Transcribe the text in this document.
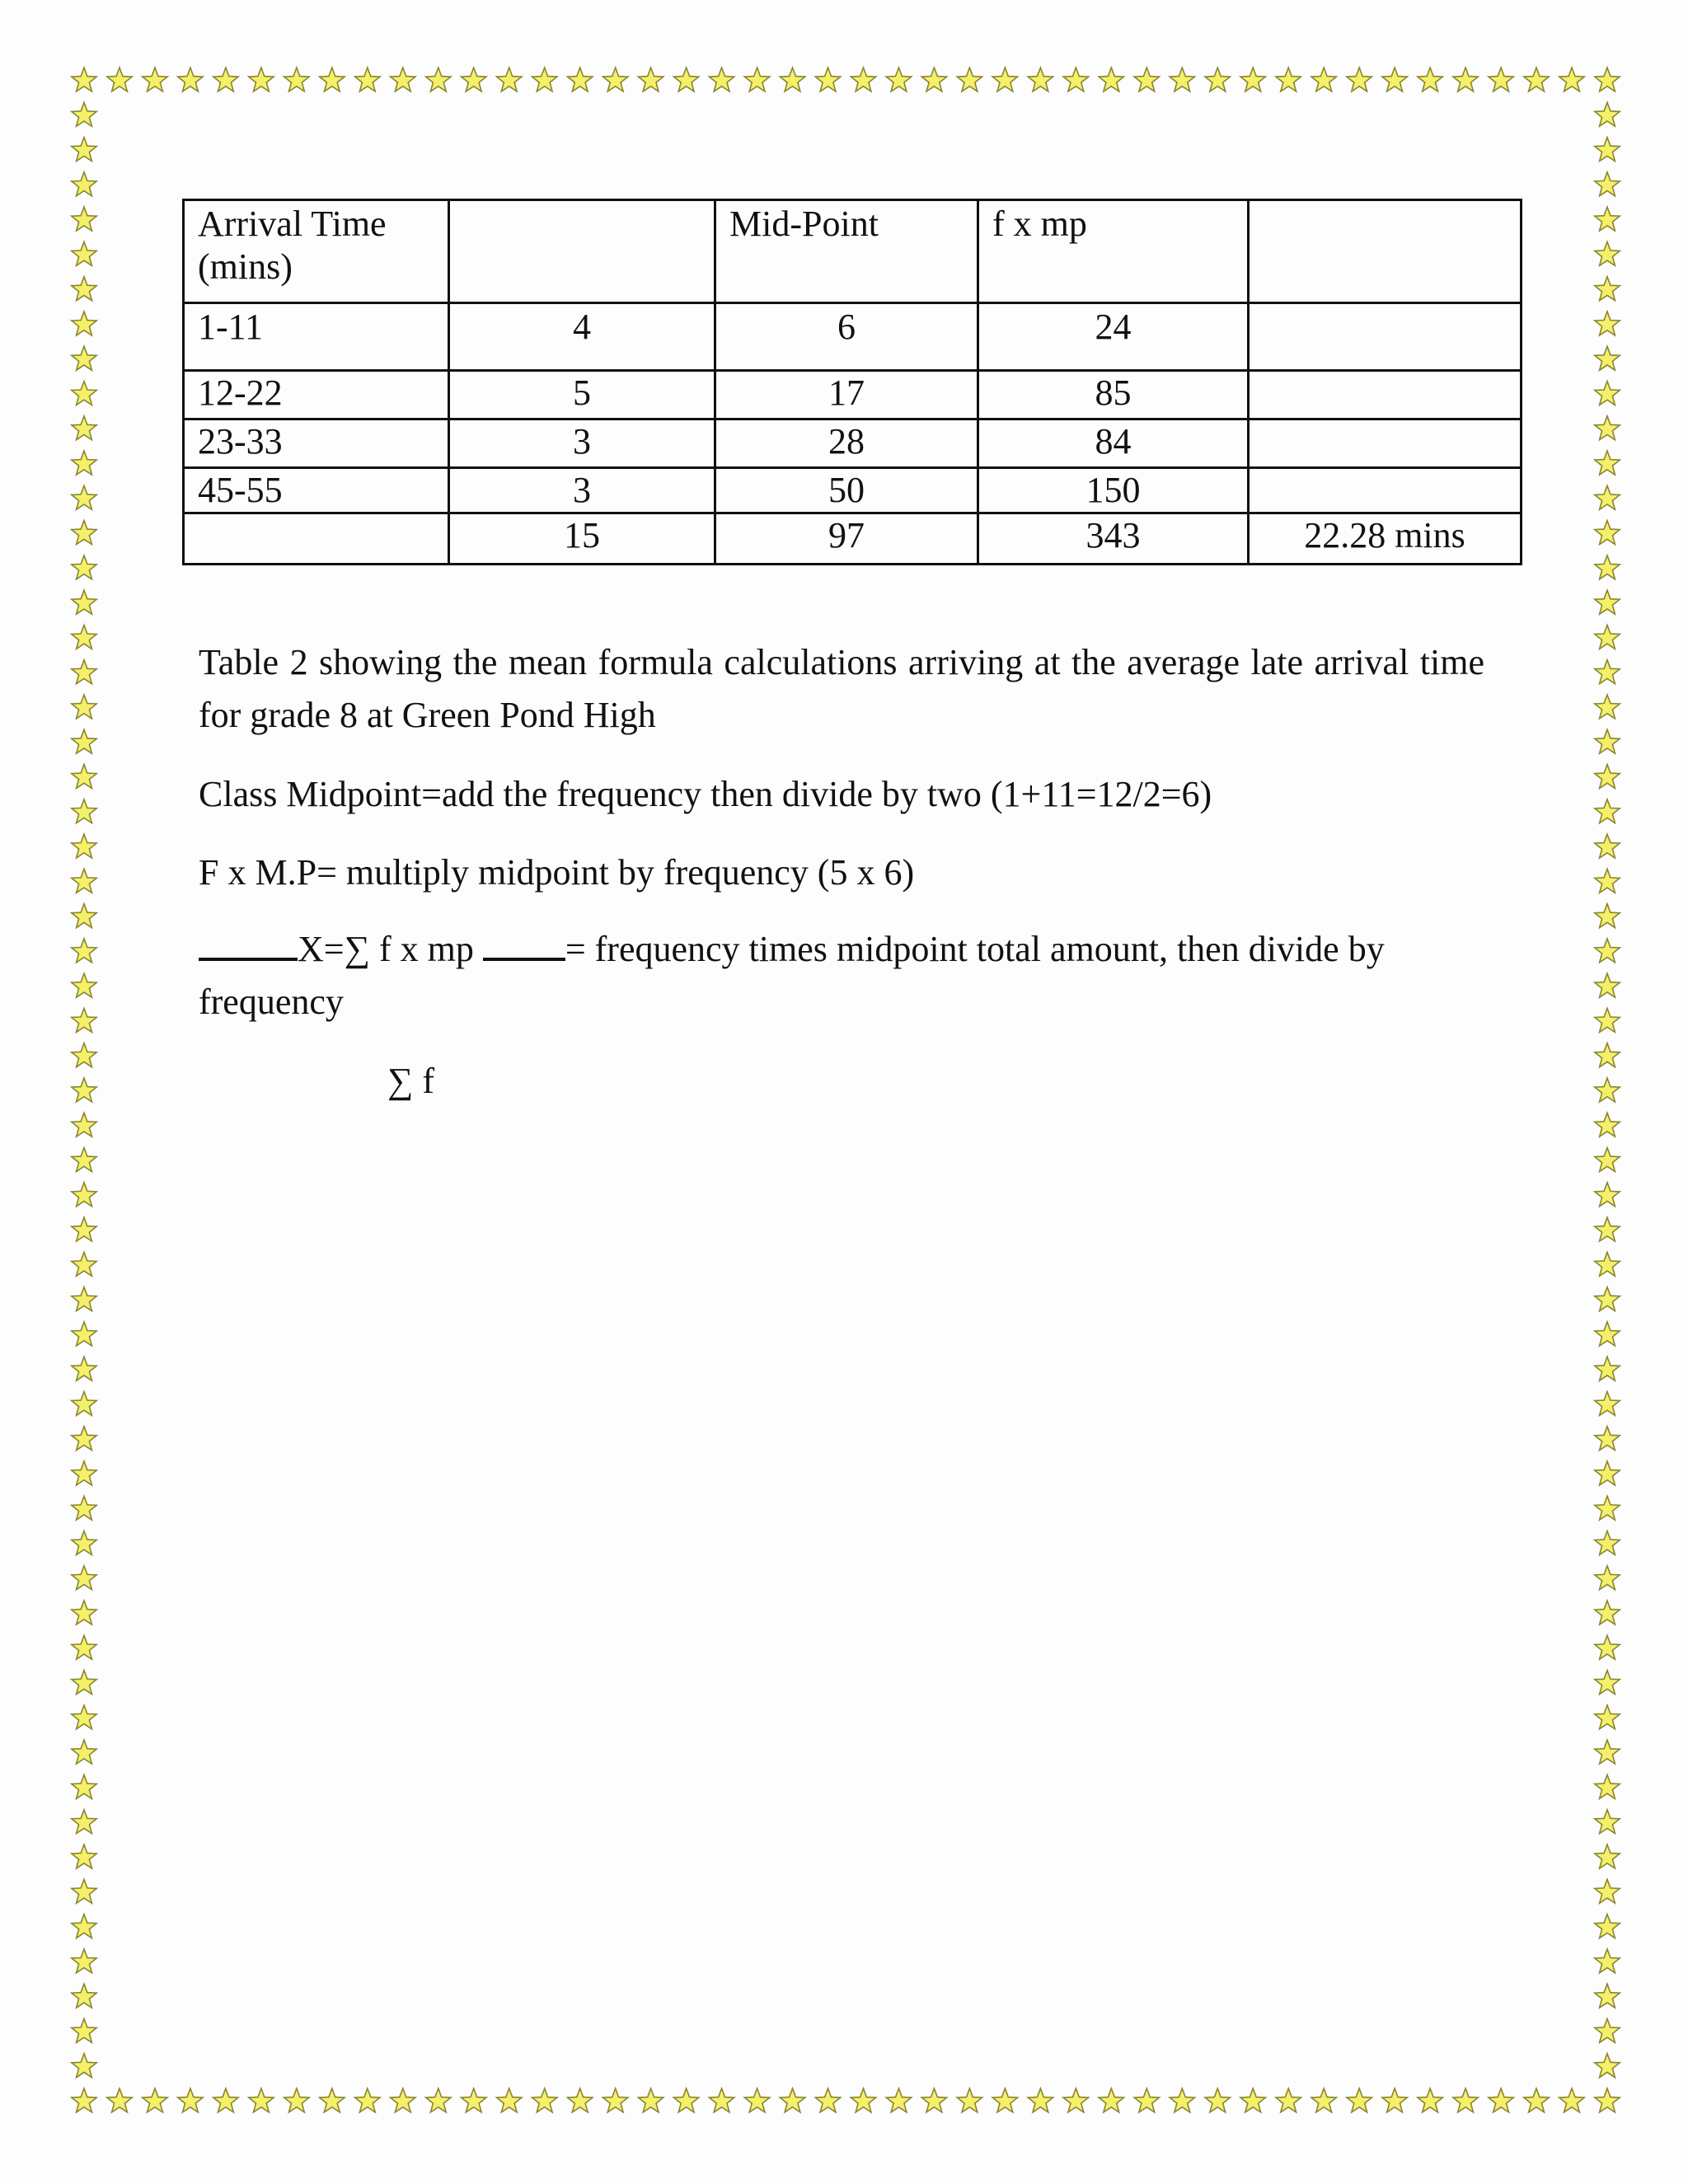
Arrival Time (mins)		Mid-Point	f x mp	
1-11	4	6	24	
12-22	5	17	85	
23-33	3	28	84	
45-55	3	50	150	
	15	97	343	22.28 mins
Table 2 showing the mean formula calculations arriving at the average late arrival time for grade 8 at Green Pond High
Class Midpoint=add the frequency then divide by two (1+11=12/2=6)
F x M.P= multiply midpoint by frequency (5 x 6)
X=∑ f x mp	= frequency times midpoint total amount, then divide by
frequency
∑ f
